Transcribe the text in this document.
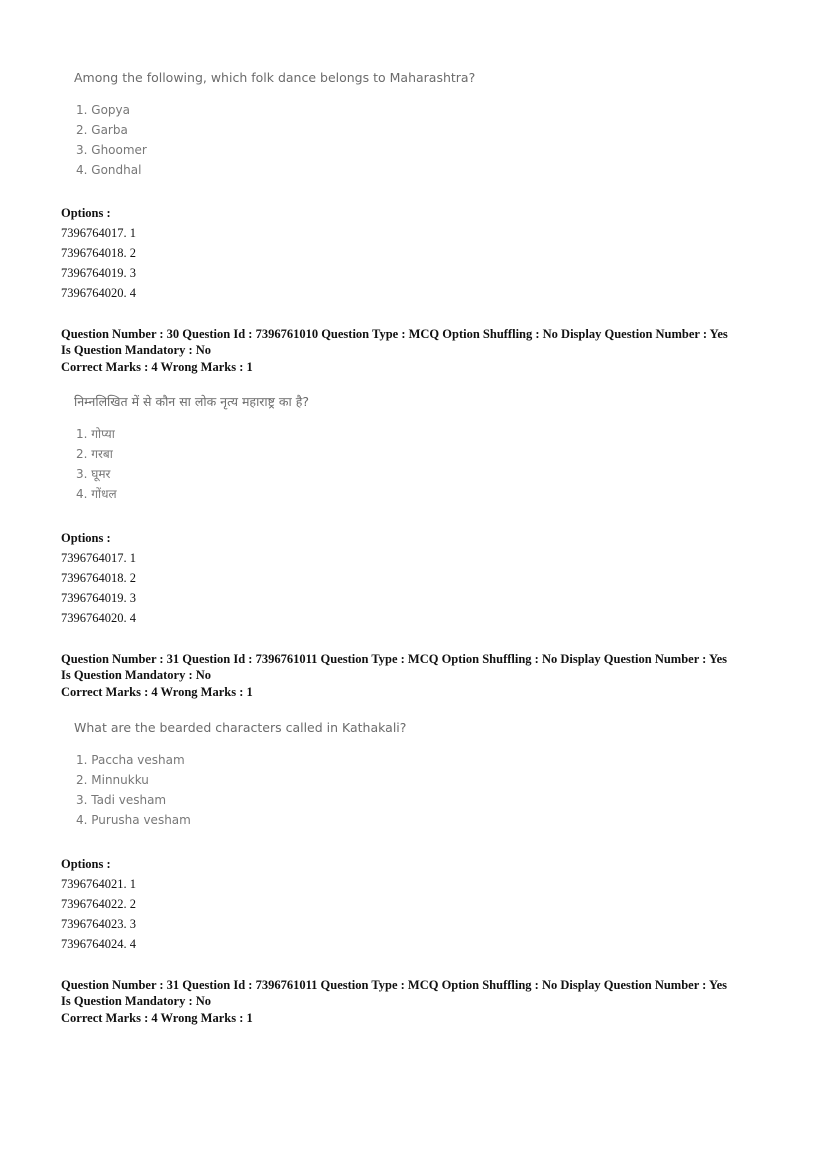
Among the following, which folk dance belongs to Maharashtra?
1. Gopya
2. Garba
3. Ghoomer
4. Gondhal
Options :
7396764017. 1
7396764018. 2
7396764019. 3
7396764020. 4
Question Number : 30 Question Id : 7396761010 Question Type : MCQ Option Shuffling : No Display Question Number : Yes
Is Question Mandatory : No
Correct Marks : 4 Wrong Marks : 1
निम्नलिखित में से कौन सा लोक नृत्य महाराष्ट्र का है?
1. गोप्या
2. गरबा
3. घूमर
4. गोंधल
Options :
7396764017. 1
7396764018. 2
7396764019. 3
7396764020. 4
Question Number : 31 Question Id : 7396761011 Question Type : MCQ Option Shuffling : No Display Question Number : Yes
Is Question Mandatory : No
Correct Marks : 4 Wrong Marks : 1
What are the bearded characters called in Kathakali?
1. Paccha vesham
2. Minnukku
3. Tadi vesham
4. Purusha vesham
Options :
7396764021. 1
7396764022. 2
7396764023. 3
7396764024. 4
Question Number : 31 Question Id : 7396761011 Question Type : MCQ Option Shuffling : No Display Question Number : Yes
Is Question Mandatory : No
Correct Marks : 4 Wrong Marks : 1
